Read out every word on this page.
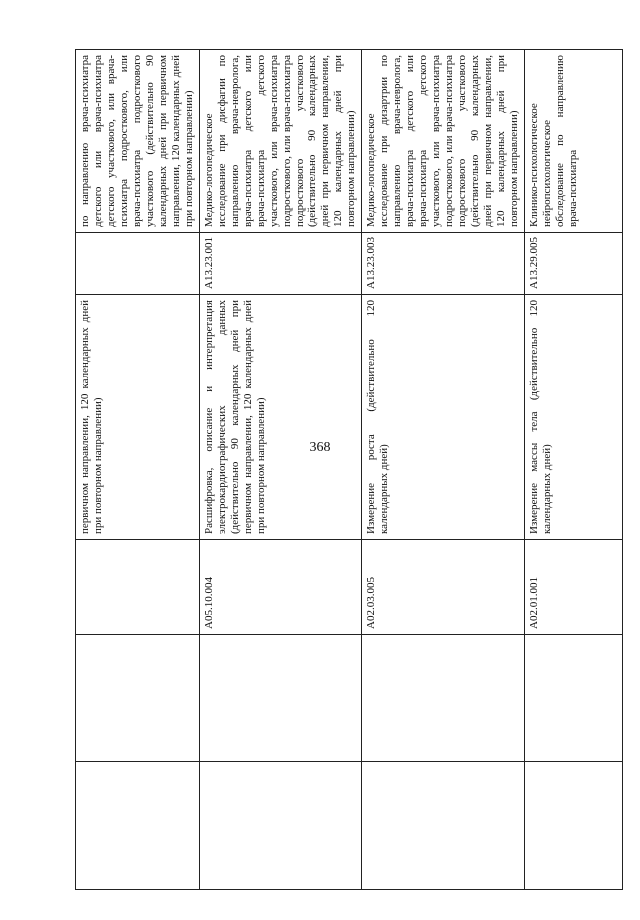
368
			первичном направлении, 120 календарных дней при повторном направлении)		по направлению врача-психиатра детского или врача-психиатра детского участкового, или врача-психиатра подросткового, или врача-психиатра подросткового участкового (действительно 90 календарных дней при первичном направлении, 120 календарных дней при повторном направлении)
		A05.10.004	Расшифровка, описание и интерпретация электрокардиографических данных (действительно 90 календарных дней при первичном направлении, 120 календарных дней при повторном направлении)	A13.23.001	Медико-логопедическое исследование при дисфагии по направлению врача-невролога, врача-психиатра детского или врача-психиатра детского участкового, или врача-психиатра подросткового, или врача-психиатра подросткового участкового (действительно 90 календарных дней при первичном направлении, 120 календарных дней при повторном направлении)
		A02.03.005	Измерение роста (действительно 120 календарных дней)	A13.23.003	Медико-логопедическое исследование при дизартрии по направлению врача-невролога, врача-психиатра детского или врача-психиатра детского участкового, или врача-психиатра подросткового, или врача-психиатра подросткового участкового (действительно 90 календарных дней при первичном направлении, 120 календарных дней при повторном направлении)
		A02.01.001	Измерение массы тела (действительно 120 календарных дней)	A13.29.005	Клинико-психологическое нейропсихологическое обследование по направлению врача-психиатра
